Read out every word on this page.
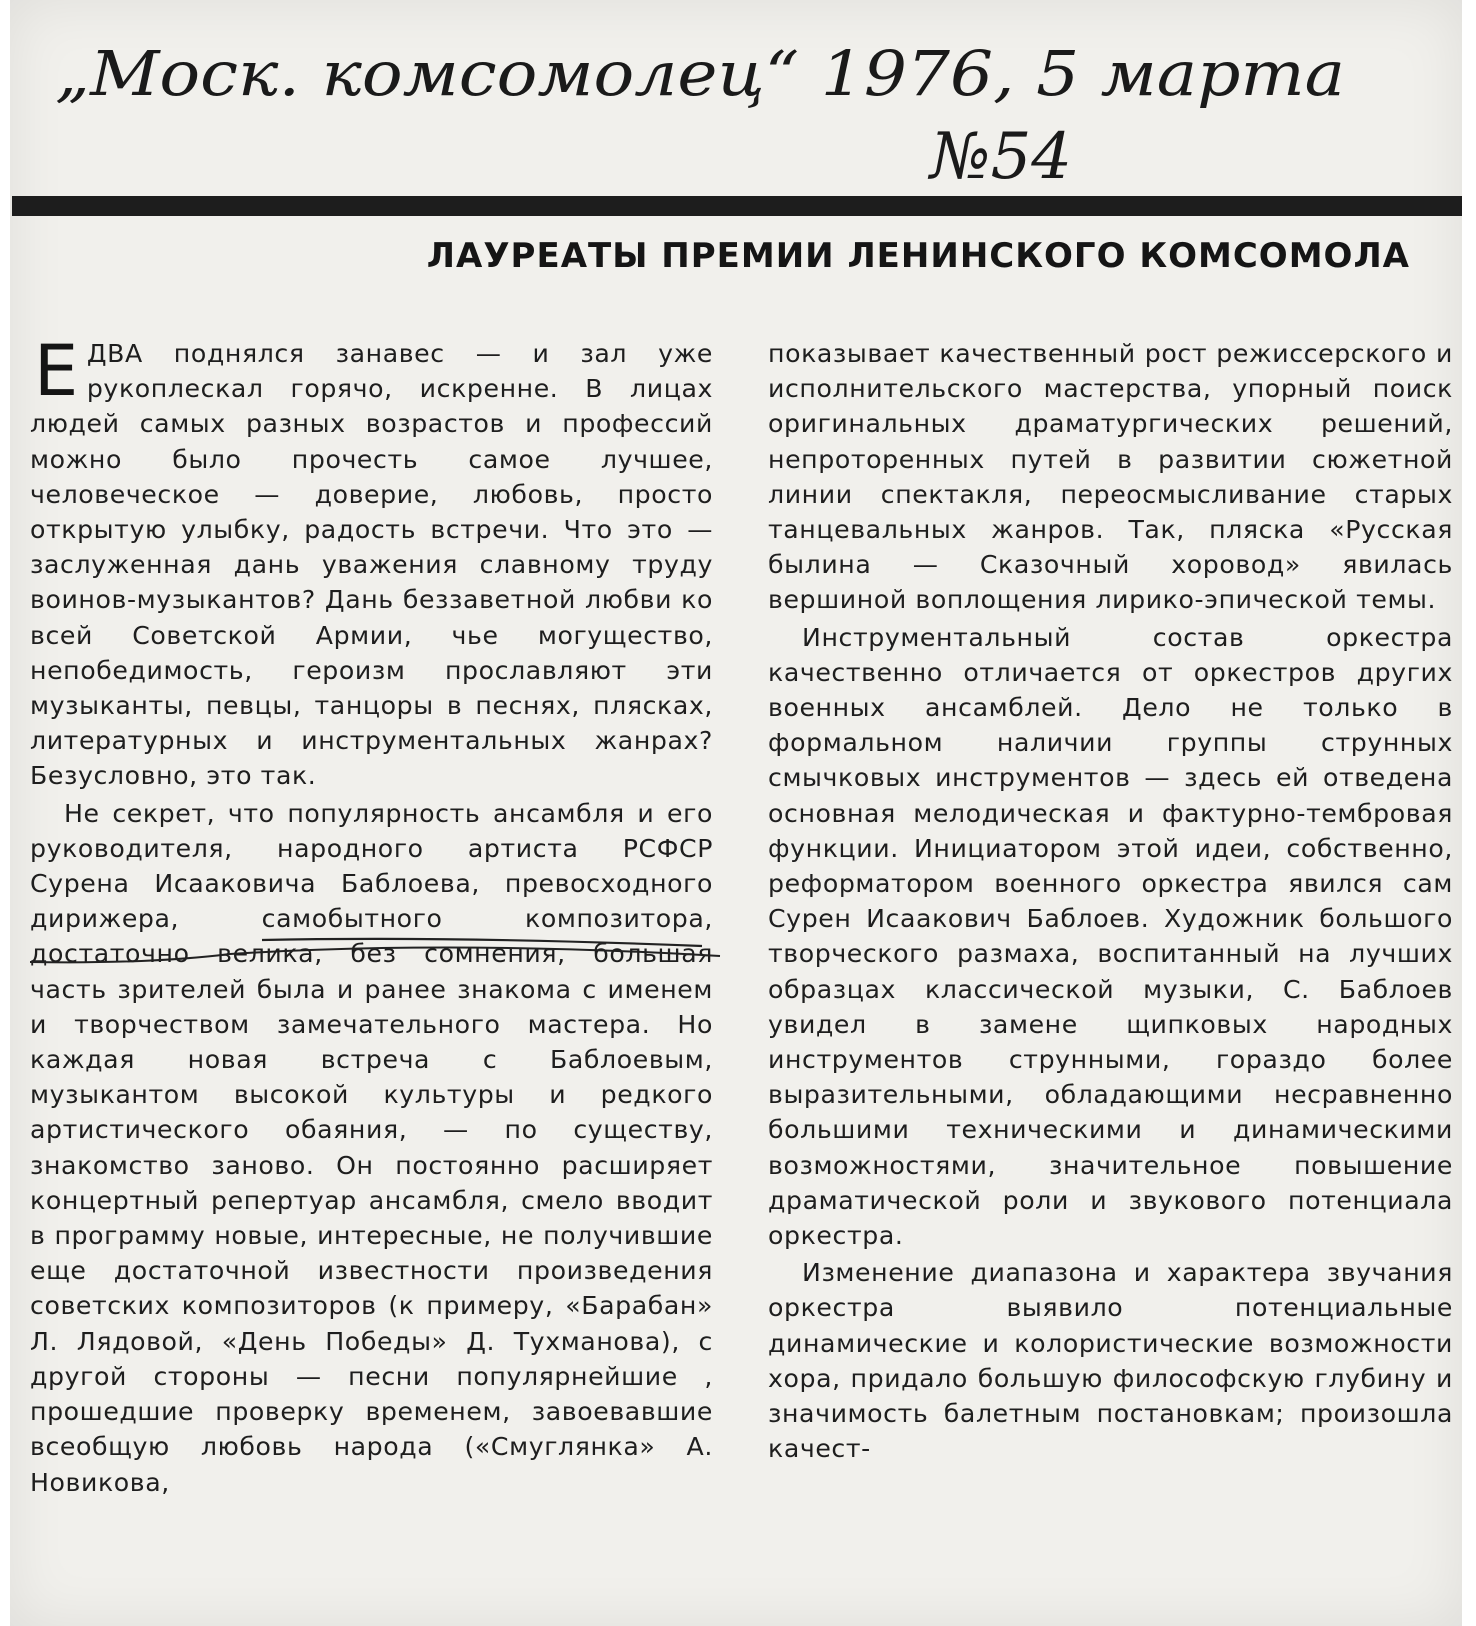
„Моск. комсомолец“ 1976, 5 марта
№54
ЛАУРЕАТЫ ПРЕМИИ ЛЕНИНСКОГО КОМСОМОЛА

ЕДВА поднялся занавес — и зал уже рукоплескал горячо, искренне. В лицах людей самых разных возрастов и профессий можно было прочесть самое лучшее, человеческое — доверие, любовь, просто открытую улыбку, радость встречи. Что это — заслуженная дань уважения славному труду воинов-музыкантов? Дань беззаветной любви ко всей Советской Армии, чье могущество, непобедимость, героизм прославляют эти музыканты, певцы, танцоры в песнях, плясках, литературных и инструментальных жанрах? Безусловно, это так.

Не секрет, что популярность ансамбля и его руководителя, народного артиста РСФСР Сурена Исааковича Баблоева, превосходного дирижера, самобытного композитора, достаточно велика, без сомнения, большая часть зрителей была и ранее знакома с именем и творчеством замечательного мастера. Но каждая новая встреча с Баблоевым, музыкантом высокой культуры и редкого артистического обаяния, — по существу, знакомство заново. Он постоянно расширяет концертный репертуар ансамбля, смело вводит в программу новые, интересные, не получившие еще достаточной известности произведения советских композиторов (к примеру, «Барабан» Л. Лядовой, «День Победы» Д. Тухманова), с другой стороны — песни популярнейшие , прошедшие проверку временем, завоевавшие всеобщую любовь народа («Смуглянка» А. Новикова,

показывает качественный рост режиссерского и исполнительского мастерства, упорный поиск оригинальных драматургических решений, непроторенных путей в развитии сюжетной линии спектакля, переосмысливание старых танцевальных жанров. Так, пляска «Русская былина — Сказочный хоровод» явилась вершиной воплощения лирико-эпической темы.

Инструментальный состав оркестра качественно отличается от оркестров других военных ансамблей. Дело не только в формальном наличии группы струнных смычковых инструментов — здесь ей отведена основная мелодическая и фактурно-тембровая функции. Инициатором этой идеи, собственно, реформатором военного оркестра явился сам Сурен Исаакович Баблоев. Художник большого творческого размаха, воспитанный на лучших образцах классической музыки, С. Баблоев увидел в замене щипковых народных инструментов струнными, гораздо более выразительными, обладающими несравненно большими техническими и динамическими возможностями, значительное повышение драматической роли и звукового потенциала оркестра.

Изменение диапазона и характера звучания оркестра выявило потенциальные динамические и колористические возможности хора, придало большую философскую глубину и значимость балетным постановкам; произошла качест-
